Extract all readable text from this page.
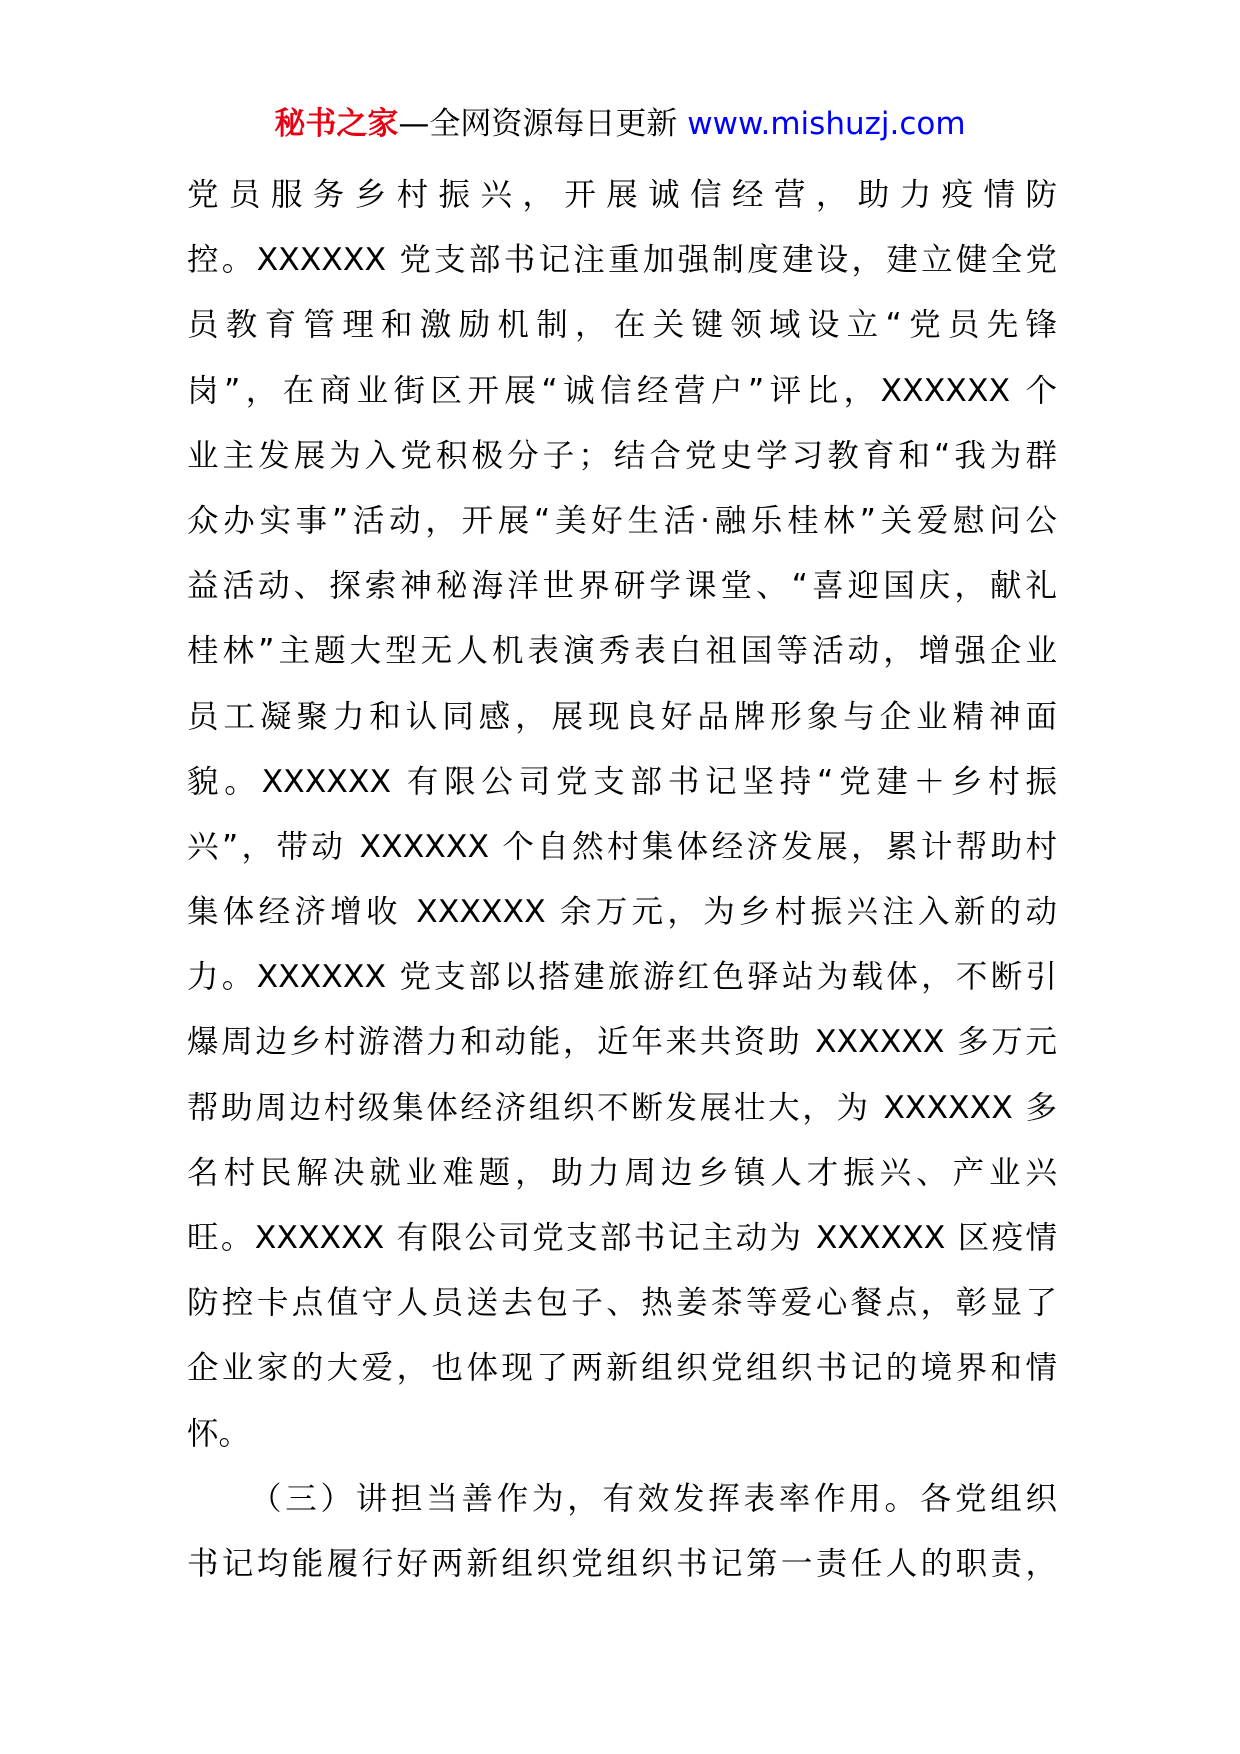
秘书之家—全网资源每日更新 www.mishuzj.com
党员服务乡村振兴，开展诚信经营，助力疫情防
控。XXXXXX 党支部书记注重加强制度建设，建立健全党
员教育管理和激励机制，在关键领域设立“党员先锋
岗”，在商业街区开展“诚信经营户”评比，XXXXXX 个
业主发展为入党积极分子；结合党史学习教育和“我为群
众办实事”活动，开展“美好生活·融乐桂林”关爱慰问公
益活动、探索神秘海洋世界研学课堂、“喜迎国庆，献礼
桂林”主题大型无人机表演秀表白祖国等活动，增强企业
员工凝聚力和认同感，展现良好品牌形象与企业精神面
貌。XXXXXX 有限公司党支部书记坚持“党建＋乡村振
兴”，带动 XXXXXX 个自然村集体经济发展，累计帮助村
集体经济增收 XXXXXX 余万元，为乡村振兴注入新的动
力。XXXXXX 党支部以搭建旅游红色驿站为载体，不断引
爆周边乡村游潜力和动能，近年来共资助 XXXXXX 多万元
帮助周边村级集体经济组织不断发展壮大，为 XXXXXX 多
名村民解决就业难题，助力周边乡镇人才振兴、产业兴
旺。XXXXXX 有限公司党支部书记主动为 XXXXXX 区疫情
防控卡点值守人员送去包子、热姜茶等爱心餐点，彰显了
企业家的大爱，也体现了两新组织党组织书记的境界和情
怀。
（三）讲担当善作为，有效发挥表率作用。各党组织
书记均能履行好两新组织党组织书记第一责任人的职责，
